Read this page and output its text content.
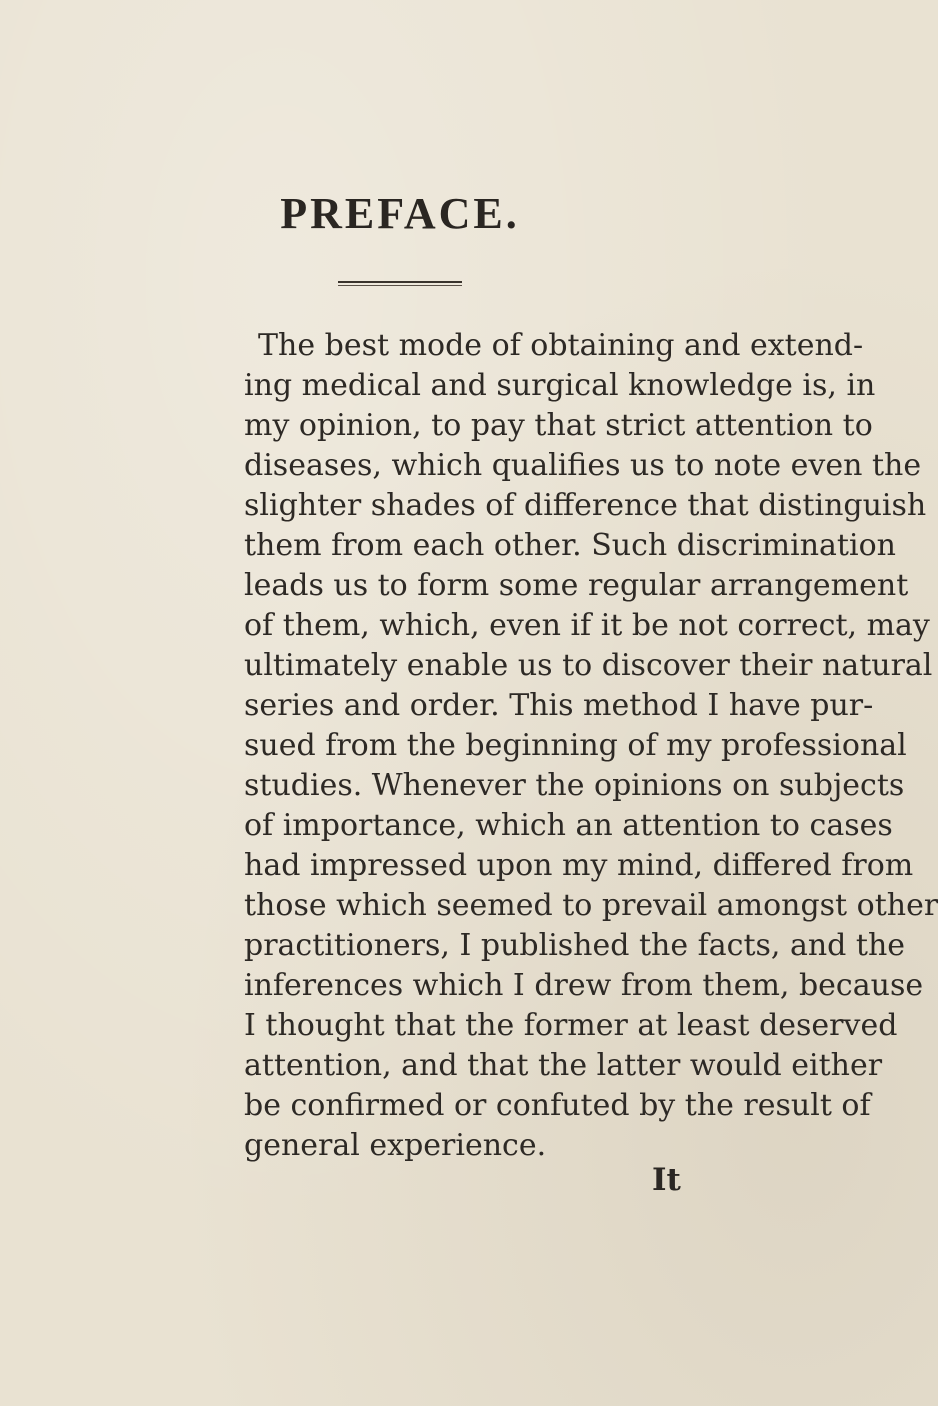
PREFACE.

The best mode of obtaining and extend-

ing medical and surgical knowledge is, in

my opinion, to pay that strict attention to

diseases, which qualifies us to note even the

slighter shades of difference that distinguish

them from each other. Such discrimination

leads us to form some regular arrangement

of them, which, even if it be not correct, may

ultimately enable us to discover their natural

series and order. This method I have pur-

sued from the beginning of my professional

studies. Whenever the opinions on subjects

of importance, which an attention to cases

had impressed upon my mind, differed from

those which seemed to prevail amongst other

practitioners, I published the facts, and the

inferences which I drew from them, because

I thought that the former at least deserved

attention, and that the latter would either

be confirmed or confuted by the result of

general experience.

It
